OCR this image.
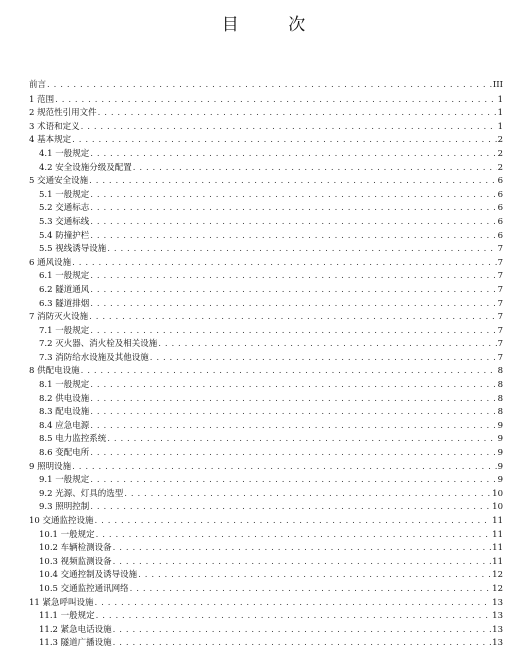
目 次
前言 . . .	III
1 范围 . . .	1
2 规范性引用文件 . . .	1
3 术语和定义 . . .	1
4 基本规定 . . .	2
4.1 一般规定 . . .	2
4.2 安全设施分级及配置 . . .	2
5 交通安全设施 . . .	6
5.1 一般规定 . . .	6
5.2 交通标志 . . .	6
5.3 交通标线 . . .	6
5.4 防撞护栏 . . .	6
5.5 视线诱导设施 . . .	7
6 通风设施 . . .	7
6.1 一般规定 . . .	7
6.2 隧道通风 . . .	7
6.3 隧道排烟 . . .	7
7 消防灭火设施 . . .	7
7.1 一般规定 . . .	7
7.2 灭火器、消火栓及相关设施 . . .	7
7.3 消防给水设施及其他设施 . . .	7
8 供配电设施 . . .	8
8.1 一般规定 . . .	8
8.2 供电设施 . . .	8
8.3 配电设施 . . .	8
8.4 应急电源 . . .	9
8.5 电力监控系统 . . .	9
8.6 变配电所 . . .	9
9 照明设施 . . .	9
9.1 一般规定 . . .	9
9.2 光源、灯具的选型 . . .	10
9.3 照明控制 . . .	10
10 交通监控设施 . . .	11
10.1 一般规定 . . .	11
10.2 车辆检测设备 . . .	11
10.3 视频监测设备 . . .	11
10.4 交通控制及诱导设施 . . .	12
10.5 交通监控通讯网络 . . .	12
11 紧急呼叫设施 . . .	13
11.1 一般规定 . . .	13
11.2 紧急电话设施 . . .	13
11.3 隧道广播设施 . . .	13
